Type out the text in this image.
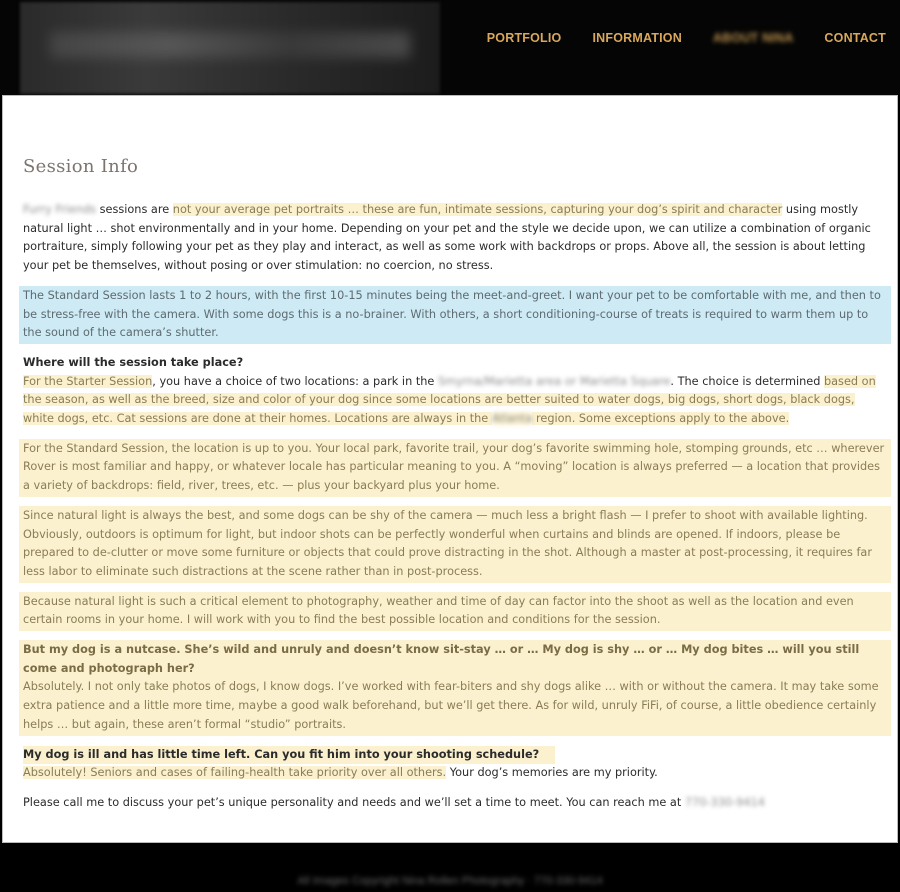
PORTFOLIO INFORMATION ABOUT NINA CONTACT
Session Info
Furry Friends sessions are not your average pet portraits … these are fun, intimate sessions, capturing your dog’s spirit and character using mostly natural light … shot environmentally and in your home. Depending on your pet and the style we decide upon, we can utilize a combination of organic portraiture, simply following your pet as they play and interact, as well as some work with backdrops or props. Above all, the session is about letting your pet be themselves, without posing or over stimulation: no coercion, no stress.
The Standard Session lasts 1 to 2 hours, with the first 10-15 minutes being the meet-and-greet. I want your pet to be comfortable with me, and then to be stress-free with the camera. With some dogs this is a no-brainer. With others, a short conditioning-course of treats is required to warm them up to the sound of the camera’s shutter.
Where will the session take place?
For the Starter Session, you have a choice of two locations: a park in the Smyrna/Marietta area or Marietta Square. The choice is determined based on the season, as well as the breed, size and color of your dog since some locations are better suited to water dogs, big dogs, short dogs, black dogs, white dogs, etc. Cat sessions are done at their homes. Locations are always in the Atlanta region. Some exceptions apply to the above.
For the Standard Session, the location is up to you. Your local park, favorite trail, your dog’s favorite swimming hole, stomping grounds, etc … wherever Rover is most familiar and happy, or whatever locale has particular meaning to you. A “moving” location is always preferred — a location that provides a variety of backdrops: field, river, trees, etc. — plus your backyard plus your home.
Since natural light is always the best, and some dogs can be shy of the camera — much less a bright flash — I prefer to shoot with available lighting. Obviously, outdoors is optimum for light, but indoor shots can be perfectly wonderful when curtains and blinds are opened. If indoors, please be prepared to de-clutter or move some furniture or objects that could prove distracting in the shot. Although a master at post-processing, it requires far less labor to eliminate such distractions at the scene rather than in post-process.
Because natural light is such a critical element to photography, weather and time of day can factor into the shoot as well as the location and even certain rooms in your home. I will work with you to find the best possible location and conditions for the session.
But my dog is a nutcase. She’s wild and unruly and doesn’t know sit-stay … or … My dog is shy … or … My dog bites … will you still come and photograph her?
Absolutely. I not only take photos of dogs, I know dogs. I’ve worked with fear-biters and shy dogs alike … with or without the camera. It may take some extra patience and a little more time, maybe a good walk beforehand, but we’ll get there. As for wild, unruly FiFi, of course, a little obedience certainly helps … but again, these aren’t formal “studio” portraits.
My dog is ill and has little time left. Can you fit him into your shooting schedule?
Absolutely! Seniors and cases of failing-health take priority over all others. Your dog’s memories are my priority.
Please call me to discuss your pet’s unique personality and needs and we’ll set a time to meet. You can reach me at 770-330-9414
All Images Copyright Nina Rollen Photography · 770-330-9414
